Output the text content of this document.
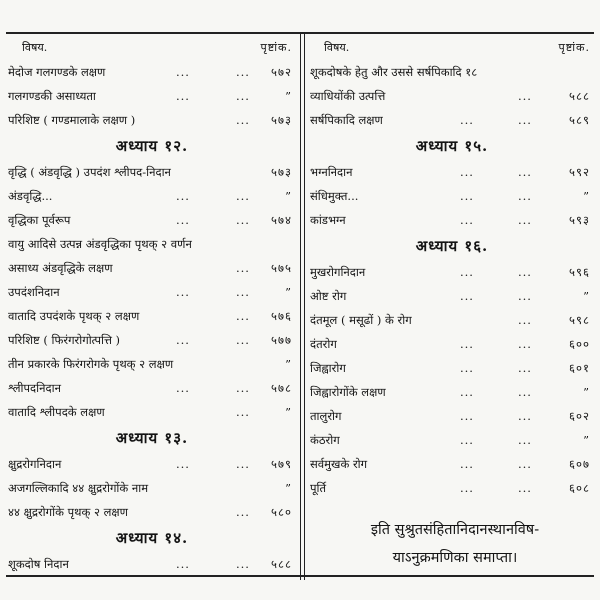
विषय.	पृष्टांक.
मेदोज गलगण्डके लक्षण	...	... ५७२
गलगण्डकी असाध्यता	...	...	”
परिशिष्ट ( गण्डमालाके लक्षण )	... ५७३
अध्याय १२.
वृद्धि ( अंडवृद्धि ) उपदंश श्लीपद-निदान	५७३
अंडवृद्धि...	...	...	”
वृद्धिका पूर्वरूप	...	... ५७४
वायु आदिसे उत्पन्न अंडवृद्धिका पृथक् २ वर्णन
असाध्य अंडवृद्धिके लक्षण	... ५७५
उपदंशनिदान	...	...	”
वातादि उपदंशके पृथक् २ लक्षण	... ५७६
परिशिष्ट ( फिरंगरोगोत्पत्ति )	...	... ५७७
तीन प्रकारके फिरंगरोगके पृथक् २ लक्षण	”
श्लीपदनिदान	...	... ५७८
वातादि श्लीपदके लक्षण	...	”
अध्याय १३.
क्षुद्ररोगनिदान	...	... ५७९
अजगल्लिकादि ४४ क्षुद्ररोगोंके नाम	”
४४ क्षुद्ररोगोंके पृथक् २ लक्षण	... ५८०
अध्याय १४.
शूकदोष निदान	...	... ५८८
विषय.	पृष्टांक.
शूकदोषके हेतु और उससे सर्षपिकादि १८
व्याधियोंकी उत्पत्ति	...	५८८
सर्षपिकादि लक्षण	...	...	५८९
अध्याय १५.
भग्ननिदान	...	...	५९२
संधिमुक्त...	...	...	”
कांडभग्न	...	...	५९३
अध्याय १६.
मुखरोगनिदान	...	...	५९६
ओष्ट रोग	...	...	”
दंतमूल ( मसूढों ) के रोग	...	५९८
दंतरोग	...	...	६००
जिह्वारोग	...	...	६०१
जिह्वारोगोंके लक्षण	...	...	”
तालुरोग	...	...	६०२
कंठरोग	...	...	”
सर्वमुखके रोग	...	...	६०७
पूर्ति	...	...	६०८
इति सुश्रुतसंहितानिदानस्थानविष-
याऽनुक्रमणिका समाप्ता।
